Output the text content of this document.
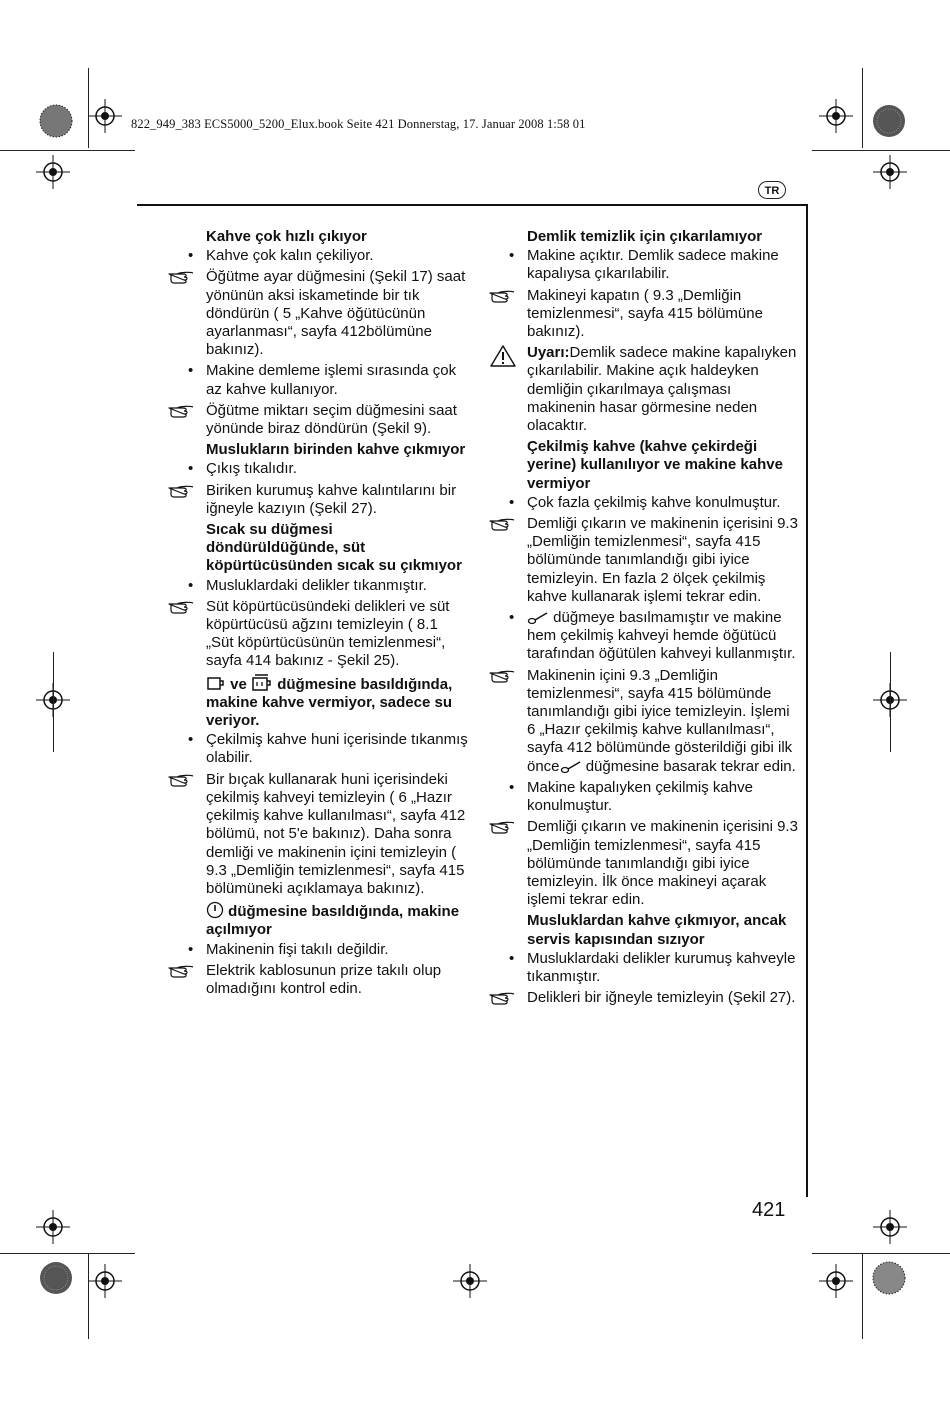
822_949_383 ECS5000_5200_Elux.book Seite 421 Donnerstag, 17. Januar 2008 1:58 01
TR
Kahve çok hızlı çıkıyor
• Kahve çok kalın çekiliyor.
Öğütme ayar düğmesini (Şekil 17) saat yönünün aksi iskametinde bir tık döndürün ( 5 „Kahve öğütücünün ayarlanması“, sayfa 412bölümüne bakınız).
• Makine demleme işlemi sırasında çok az kahve kullanıyor.
Öğütme miktarı seçim düğmesini saat yönünde biraz döndürün (Şekil 9).
Muslukların birinden kahve çıkmıyor
• Çıkış tıkalıdır.
Biriken kurumuş kahve kalıntılarını bir iğneyle kazıyın (Şekil 27).
Sıcak su düğmesi döndürüldüğünde, süt köpürtücüsünden sıcak su çıkmıyor
• Musluklardaki delikler tıkanmıştır.
Süt köpürtücüsündeki delikleri ve süt köpürtücüsü ağzını temizleyin ( 8.1 „Süt köpürtücüsünün temizlenmesi“, sayfa 414 bakınız - Şekil 25).
ve düğmesine basıldığında, makine kahve vermiyor, sadece su veriyor.
• Çekilmiş kahve huni içerisinde tıkanmış olabilir.
Bir bıçak kullanarak huni içerisindeki çekilmiş kahveyi temizleyin ( 6 „Hazır çekilmiş kahve kullanılması“, sayfa 412 bölümü, not 5'e bakınız). Daha sonra demliği ve makinenin içini temizleyin ( 9.3 „Demliğin temizlenmesi“, sayfa 415 bölümüneki açıklamaya bakınız).
düğmesine basıldığında, makine açılmıyor
• Makinenin fişi takılı değildir.
Elektrik kablosunun prize takılı olup olmadığını kontrol edin.
Demlik temizlik için çıkarılamıyor
• Makine açıktır. Demlik sadece makine kapalıysa çıkarılabilir.
Makineyi kapatın ( 9.3 „Demliğin temizlenmesi“, sayfa 415 bölümüne bakınız).
Uyarı:Demlik sadece makine kapalıyken çıkarılabilir. Makine açık haldeyken demliğin çıkarılmaya çalışması makinenin hasar görmesine neden olacaktır.
Çekilmiş kahve (kahve çekirdeği yerine) kullanılıyor ve makine kahve vermiyor
• Çok fazla çekilmiş kahve konulmuştur.
Demliği çıkarın ve makinenin içerisini 9.3 „Demliğin temizlenmesi“, sayfa 415 bölümünde tanımlandığı gibi iyice temizleyin. En fazla 2 ölçek çekilmiş kahve kullanarak işlemi tekrar edin.
• düğmeye basılmamıştır ve makine hem çekilmiş kahveyi hemde öğütücü tarafından öğütülen kahveyi kullanmıştır.
Makinenin içini 9.3 „Demliğin temizlenmesi“, sayfa 415 bölümünde tanımlandığı gibi iyice temizleyin. İşlemi 6 „Hazır çekilmiş kahve kullanılması“, sayfa 412 bölümünde gösterildiği gibi ilk önce düğmesine basarak tekrar edin.
• Makine kapalıyken çekilmiş kahve konulmuştur.
Demliği çıkarın ve makinenin içerisini 9.3 „Demliğin temizlenmesi“, sayfa 415 bölümünde tanımlandığı gibi iyice temizleyin. İlk önce makineyi açarak işlemi tekrar edin.
Musluklardan kahve çıkmıyor, ancak servis kapısından sızıyor
• Musluklardaki delikler kurumuş kahveyle tıkanmıştır.
Delikleri bir iğneyle temizleyin (Şekil 27).
421
